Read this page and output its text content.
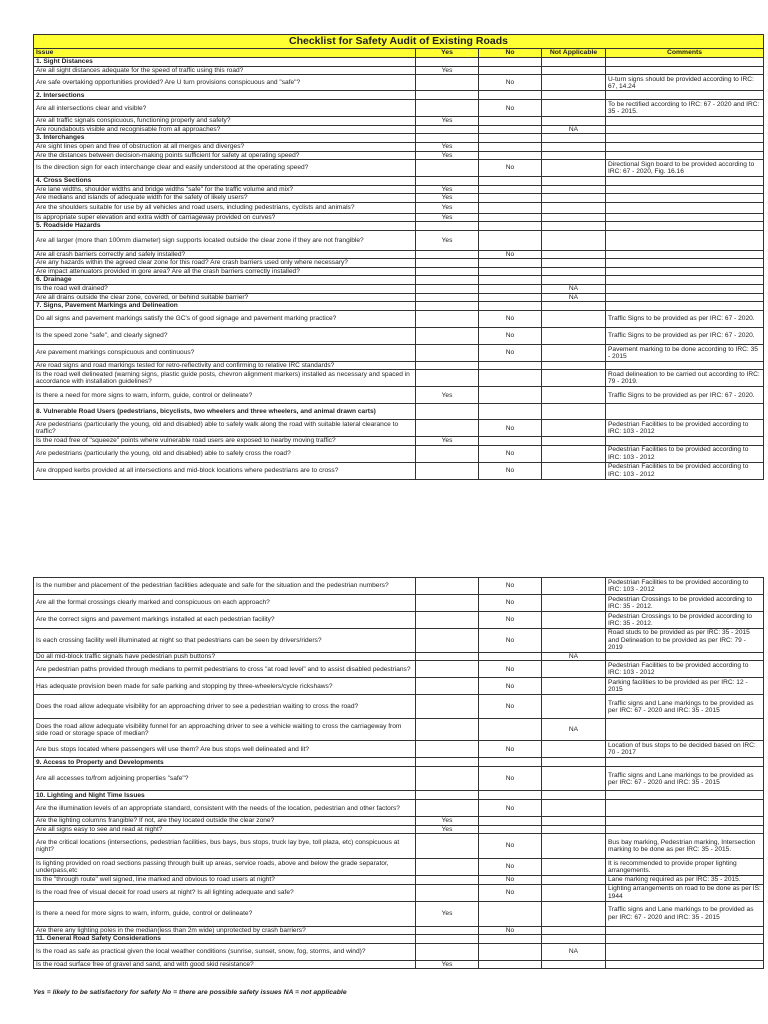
Checklist for Safety Audit of Existing Roads				
Issue	Yes	No	Not Applicable	Comments
1. Sight Distances				
Are all sight distances adequate for the speed of traffic using this road?	Yes			
Are safe overtaking opportunities provided? Are U turn provisions conspicuous and "safe"?		No		U-turn signs should be provided according to IRC: 67, 14.24
2. Intersections				
Are all intersections clear and visible?		No		To be rectified according to IRC: 67 - 2020 and IRC: 35 - 2015.
Are all traffic signals conspicuous, functioning properly and safety?	Yes			
Are roundabouts visible and recognisable from all approaches?			NA	
3. Interchanges				
Are sight lines open and free of obstruction at all merges and diverges?	Yes			
Are the distances between decision-making points sufficient for safety at operating speed?	Yes			
Is the direction sign for each interchange clear and easily understood at the operating speed?		No		Directional Sign board to be provided according to IRC: 67 - 2020, Fig. 16.16
4. Cross Sections				
Are lane widths, shoulder widths and bridge widths "safe" for the traffic volume and mix?	Yes			
Are medians and islands of adequate width for the safety of likely users?	Yes			
Are the shoulders suitable for use by all vehicles and road users, including pedestrians, cyclists and animals?	Yes			
Is appropriate super elevation and extra width of carriageway provided on curves?	Yes			
5. Roadside Hazards				
Are all larger (more than 100mm diameter) sign supports located outside the clear zone if they are not frangible?	Yes			
Are all crash barriers correctly and safely installed?		No		
Are any hazards within the agreed clear zone for this road? Are crash barriers used only where necessary?				
Are impact attenuators provided in gore area? Are all the crash barriers correctly installed?				
6. Drainage				
Is the road well drained?			NA	
Are all drains outside the clear zone, covered, or behind suitable barrier?			NA	
7. Signs, Pavement Markings and Delineation				
Do all signs and pavement markings satisfy the GC's of good signage and pavement marking practice?		No		Traffic Signs to be provided as per IRC: 67 - 2020.
Is the speed zone "safe", and clearly signed?		No		Traffic Signs to be provided as per IRC: 67 - 2020.
Are pavement markings conspicuous and continuous?		No		Pavement marking to be done according to IRC: 35 - 2015
Are road signs and road markings tested for retro-reflectivity and confirming to relative IRC standards?				
Is the road well delineated (warning signs, plastic guide posts, chevron alignment markers) installed as necessary and spaced in accordance with installation guidelines?				Road delineation to be carried out according to IRC: 79 - 2019.
Is there a need for more signs to warn, inform, guide, control or delineate?	Yes			Traffic Signs to be provided as per IRC: 67 - 2020.
8. Vulnerable Road Users (pedestrians, bicyclists, two wheelers and three wheelers, and animal drawn carts)				
Are pedestrians (particularly the young, old and disabled) able to safely walk along the road with suitable lateral clearance to traffic?		No		Pedestrian Facilities to be provided according to IRC: 103 - 2012
Is the road free of "squeeze" points where vulnerable road users are exposed to nearby moving traffic?	Yes			
Are pedestrians (particularly the young, old and disabled) able to safely cross the road?		No		Pedestrian Facilities to be provided according to IRC: 103 - 2012
Are dropped kerbs provided at all intersections and mid-block locations where pedestrians are to cross?		No		Pedestrian Facilities to be provided according to IRC: 103 - 2012
Is the number and placement of the pedestrian facilities adequate and safe for the situation and the pedestrian numbers?		No		Pedestrian Facilities to be provided according to IRC: 103 - 2012
Are all the formal crossings clearly marked and conspicuous on each approach?		No		Pedestrian Crossings to be provided according to IRC: 35 - 2012.
Are the correct signs and pavement markings installed at each pedestrian facility?		No		Pedestrian Crossings to be provided according to IRC: 35 - 2012.
Is each crossing facility well illuminated at night so that pedestrians can be seen by drivers/riders?		No		Road studs to be provided as per IRC: 35 - 2015 and Delineation to be provided as per IRC: 79 - 2019
Do all mid-block traffic signals have pedestrian push buttons?			NA	
Are pedestrian paths provided through medians to permit pedestrians to cross "at road level" and to assist disabled pedestrians?		No		Pedestrian Facilities to be provided according to IRC: 103 - 2012
Has adequate provision been made for safe parking and stopping by three-wheelers/cycle rickshaws?		No		Parking facilities to be provided as per IRC: 12 - 2015
Does the road allow adequate visibility for an approaching driver to see a pedestrian waiting to cross the road?		No		Traffic signs and Lane markings to be provided as per IRC: 67 - 2020 and IRC: 35 - 2015
Does the road allow adequate visibility funnel for an approaching driver to see a vehicle waiting to cross the carriageway from side road or storage space of median?			NA	
Are bus stops located where passengers will use them? Are bus stops well delineated and lit?		No		Location of bus stops to be decided based on IRC: 70 - 2017
9. Access to Property and Developments				
Are all accesses to/from adjoining properties "safe"?		No		Traffic signs and Lane markings to be provided as per IRC: 67 - 2020 and IRC: 35 - 2015
10. Lighting and Night Time Issues				
Are the illumination levels of an appropriate standard, consistent with the needs of the location, pedestrian and other factors?		No		
Are the lighting columns frangible? If not, are they located outside the clear zone?	Yes			
Are all signs easy to see and read at night?	Yes			
Are the critical locations (intersections, pedestrian facilities, bus bays, bus stops, truck lay bye, toll plaza, etc) conspicuous at night?		No		Bus bay marking, Pedestrian marking, Intersection marking to be done as per IRC: 35 - 2015.
Is lighting provided on road sections passing through built up areas, service roads, above and below the grade separator, underpass,etc		No		It is recommended to provide proper lighting arrangements.
Is the "through route" well signed, line marked and obvious to road users at night?		No		Lane marking required as per IRC: 35 - 2015.
Is the road free of visual deceit for road users at night? Is all lighting adequate and safe?		No		Lighting arrangements on road to be done as per IS: 1944
Is there a need for more signs to warn, inform, guide, control or delineate?	Yes			Traffic signs and Lane markings to be provided as per IRC: 67 - 2020 and IRC: 35 - 2015
Are there any lighting poles in the median(less than 2m wide) unprotected by crash barriers?		No		
11. General Road Safety Considerations				
Is the road as safe as practical given the local weather conditions (sunrise, sunset, snow, fog, storms, and wind)?			NA	
Is the road surface free of gravel and sand, and with good skid resistance?	Yes			
Yes = likely to be satisfactory for safety No = there are possible safety issues NA = not applicable
